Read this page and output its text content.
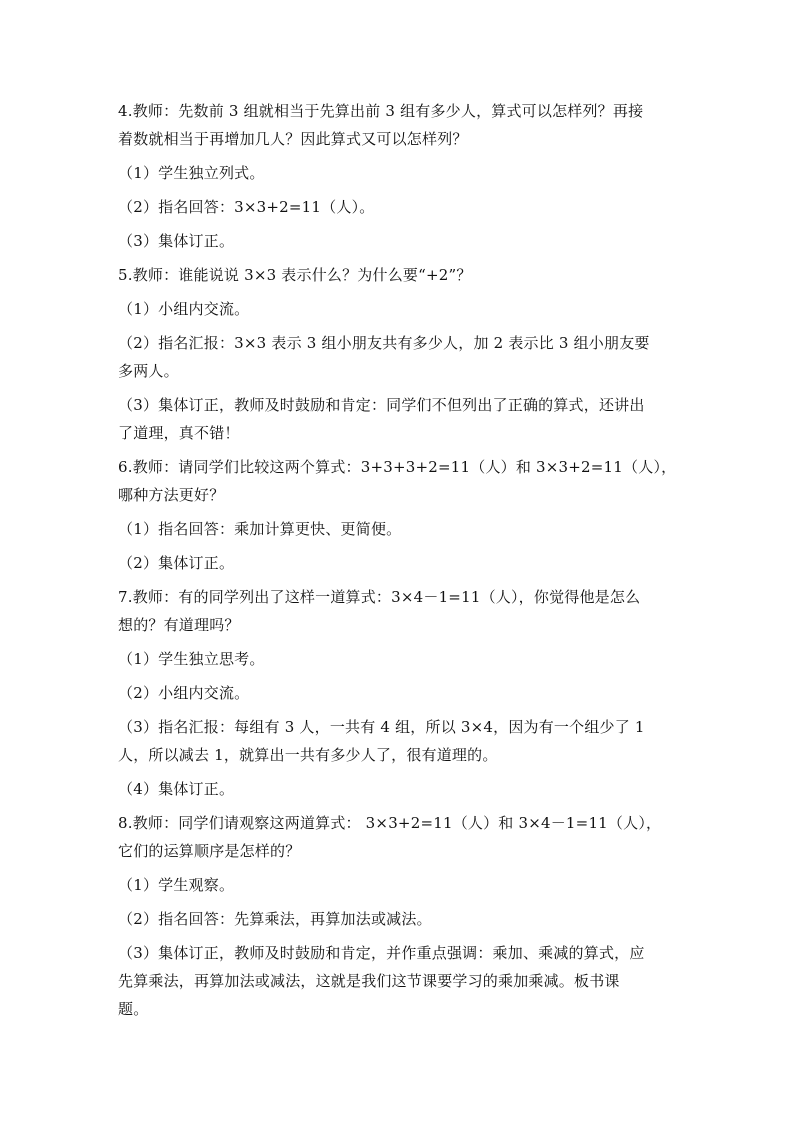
4.教师：先数前 3 组就相当于先算出前 3 组有多少人，算式可以怎样列？再接
着数就相当于再增加几人？因此算式又可以怎样列？
（1）学生独立列式。
（2）指名回答：3×3+2=11（人）。
（3）集体订正。
5.教师：谁能说说 3×3 表示什么？为什么要“+2”？
（1）小组内交流。
（2）指名汇报：3×3 表示 3 组小朋友共有多少人，加 2 表示比 3 组小朋友要
多两人。
（3）集体订正，教师及时鼓励和肯定：同学们不但列出了正确的算式，还讲出
了道理，真不错！
6.教师：请同学们比较这两个算式：3+3+3+2=11（人）和 3×3+2=11（人），
哪种方法更好？
（1）指名回答：乘加计算更快、更简便。
（2）集体订正。
7.教师：有的同学列出了这样一道算式：3×4－1=11（人），你觉得他是怎么
想的？有道理吗？
（1）学生独立思考。
（2）小组内交流。
（3）指名汇报：每组有 3 人，一共有 4 组，所以 3×4，因为有一个组少了 1
人，所以减去 1，就算出一共有多少人了，很有道理的。
（4）集体订正。
8.教师：同学们请观察这两道算式： 3×3+2=11（人）和 3×4－1=11（人），
它们的运算顺序是怎样的？
（1）学生观察。
（2）指名回答：先算乘法，再算加法或减法。
（3）集体订正，教师及时鼓励和肯定，并作重点强调：乘加、乘减的算式，应
先算乘法，再算加法或减法，这就是我们这节课要学习的乘加乘减。板书课
题。
